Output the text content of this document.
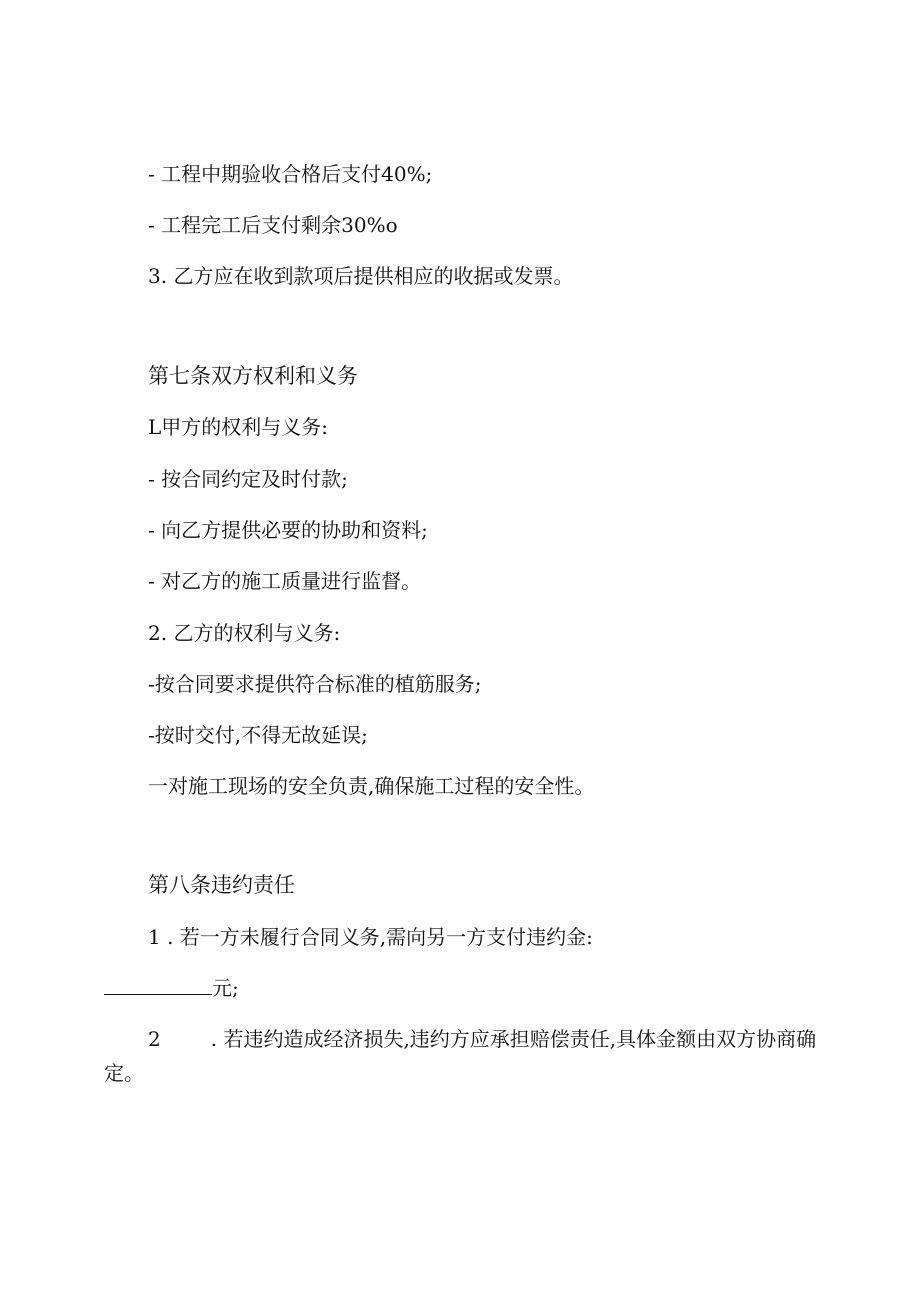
- 工程中期验收合格后支付40%;
- 工程完工后支付剩余30%o
3. 乙方应在收到款项后提供相应的收据或发票。
第七条双方权利和义务
L甲方的权利与义务:
- 按合同约定及时付款;
- 向乙方提供必要的协助和资料;
- 对乙方的施工质量进行监督。
2. 乙方的权利与义务:
-按合同要求提供符合标准的植筋服务;
-按时交付,不得无故延误;
一对施工现场的安全负责,确保施工过程的安全性。
第八条违约责任
1 . 若一方未履行合同义务,需向另一方支付违约金:
元;
2	. 若违约造成经济损失,违约方应承担赔偿责任,具体金额由双方协商确定。
